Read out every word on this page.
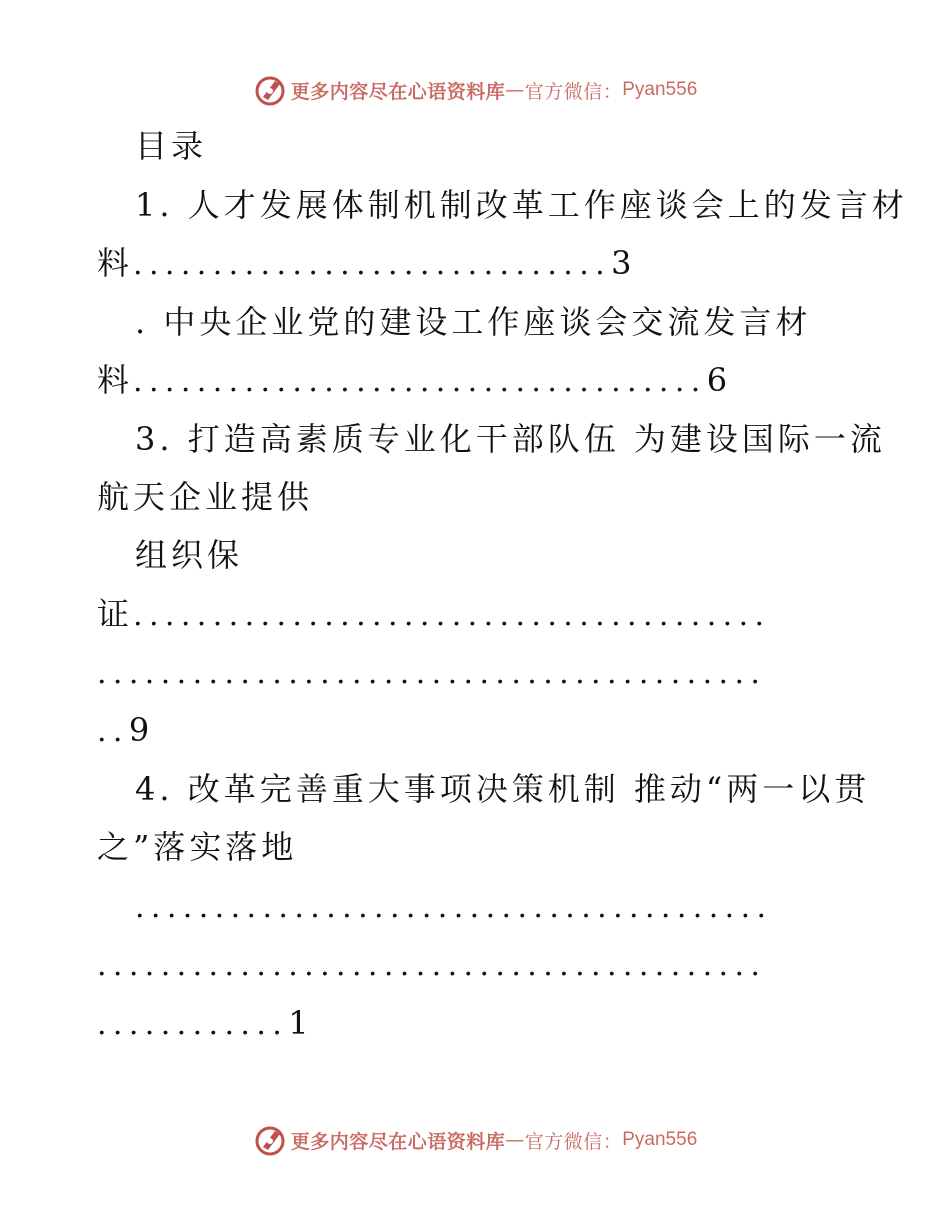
更多内容尽在心语资料库 — 官方微信： Pyan556
目录
1. 人才发展体制机制改革工作座谈会上的发言材
料..............................3
. 中央企业党的建设工作座谈会交流发言材
料....................................6
3. 打造高素质专业化干部队伍 为建设国际一流
航天企业提供
组织保
证........................................
..........................................
..9
4. 改革完善重大事项决策机制 推动“两一以贯
之”落实落地
........................................
..........................................
............1
更多内容尽在心语资料库 — 官方微信： Pyan556
